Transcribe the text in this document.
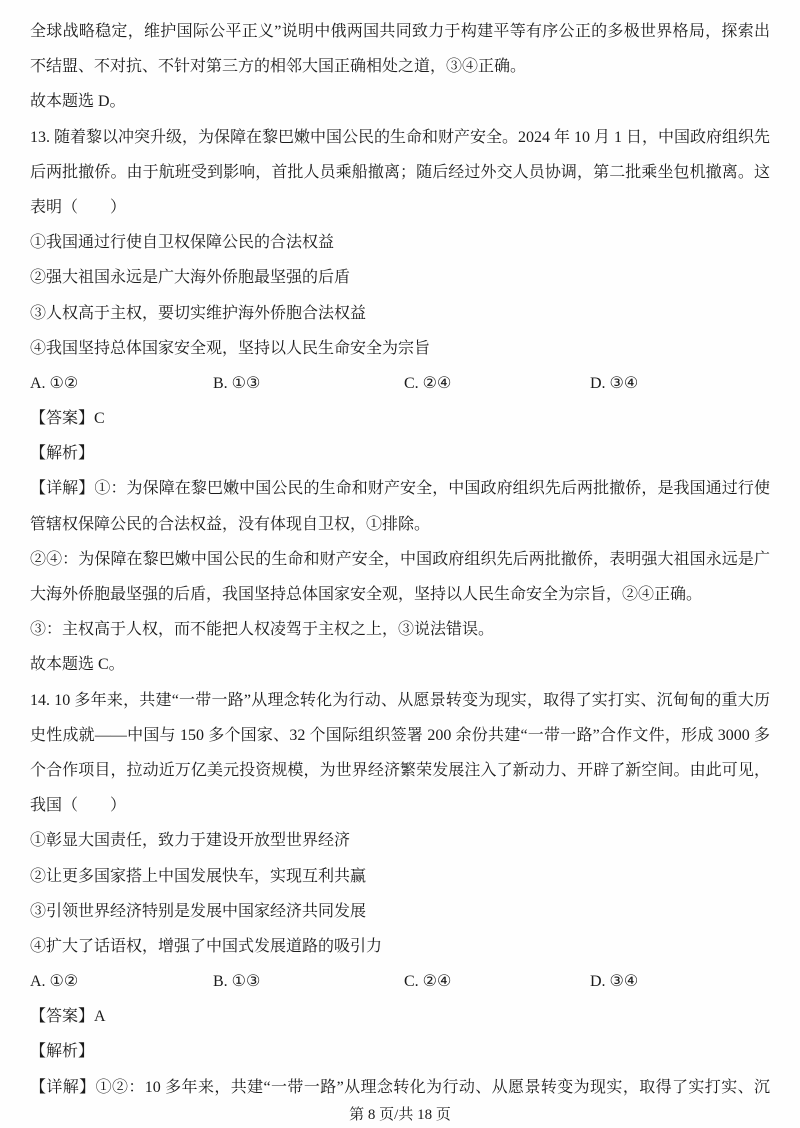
全球战略稳定，维护国际公平正义”说明中俄两国共同致力于构建平等有序公正的多极世界格局，探索出
不结盟、不对抗、不针对第三方的相邻大国正确相处之道，③④正确。
故本题选 D。
13. 随着黎以冲突升级，为保障在黎巴嫩中国公民的生命和财产安全。2024 年 10 月 1 日，中国政府组织先
后两批撤侨。由于航班受到影响，首批人员乘船撤离；随后经过外交人员协调，第二批乘坐包机撤离。这
表明（　　）
①我国通过行使自卫权保障公民的合法权益
②强大祖国永远是广大海外侨胞最坚强的后盾
③人权高于主权，要切实维护海外侨胞合法权益
④我国坚持总体国家安全观，坚持以人民生命安全为宗旨
A. ①②	B. ①③	C. ②④	D. ③④
【答案】C
【解析】
【详解】①：为保障在黎巴嫩中国公民的生命和财产安全，中国政府组织先后两批撤侨，是我国通过行使
管辖权保障公民的合法权益，没有体现自卫权，①排除。
②④：为保障在黎巴嫩中国公民的生命和财产安全，中国政府组织先后两批撤侨，表明强大祖国永远是广
大海外侨胞最坚强的后盾，我国坚持总体国家安全观，坚持以人民生命安全为宗旨，②④正确。
③：主权高于人权，而不能把人权凌驾于主权之上，③说法错误。
故本题选 C。
14. 10 多年来，共建“一带一路”从理念转化为行动、从愿景转变为现实，取得了实打实、沉甸甸的重大历
史性成就——中国与 150 多个国家、32 个国际组织签署 200 余份共建“一带一路”合作文件，形成 3000 多
个合作项目，拉动近万亿美元投资规模，为世界经济繁荣发展注入了新动力、开辟了新空间。由此可见，
我国（　　）
①彰显大国责任，致力于建设开放型世界经济
②让更多国家搭上中国发展快车，实现互利共赢
③引领世界经济特别是发展中国家经济共同发展
④扩大了话语权，增强了中国式发展道路的吸引力
A. ①②	B. ①③	C. ②④	D. ③④
【答案】A
【解析】
【详解】①②：10 多年来，共建“一带一路”从理念转化为行动、从愿景转变为现实，取得了实打实、沉
第 8 页/共 18 页
